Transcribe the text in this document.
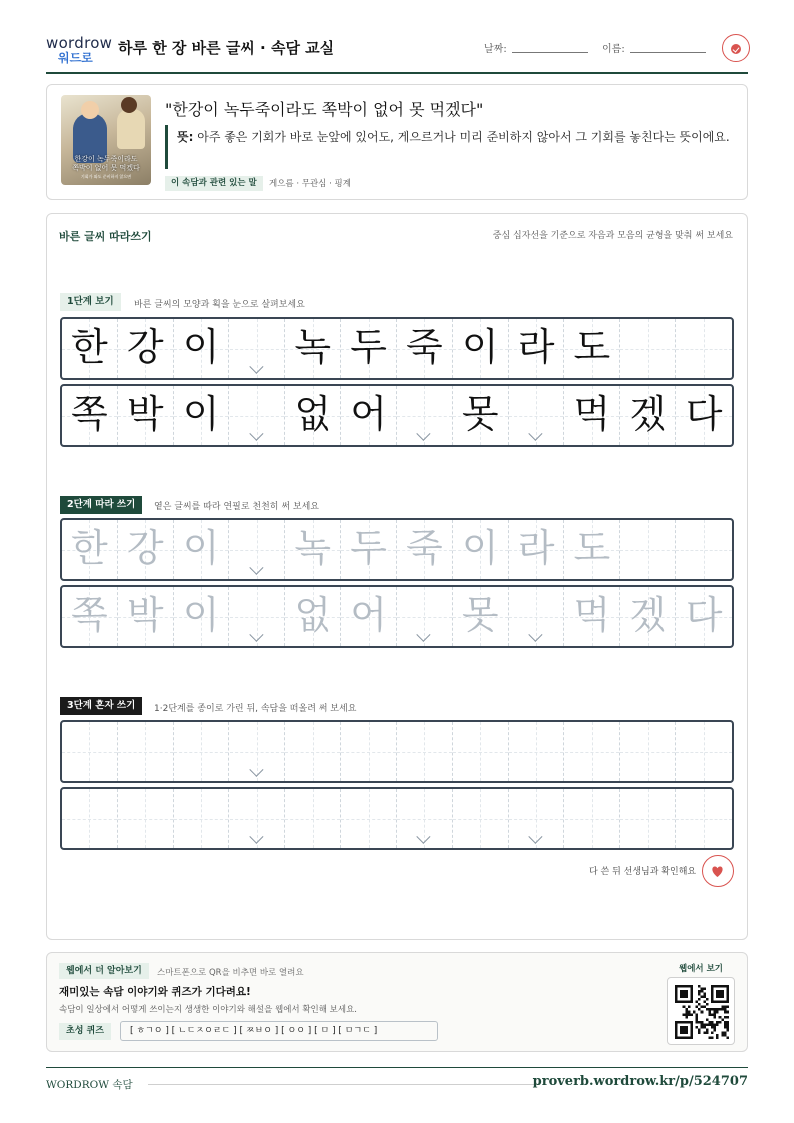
wordrow
워드로
하루 한 장 바른 글씨 · 속담 교실	날짜:	이름:
한강이 녹두죽이라도
쪽박이 없어 못 먹겠다
기회가 와도 준비하지 않으면
"한강이 녹두죽이라도 쪽박이 없어 못 먹겠다"
뜻: 아주 좋은 기회가 바로 눈앞에 있어도, 게으르거나 미리 준비하지 않아서 그 기회를 놓친다는 뜻이에요.
이 속담과 관련 있는 말	게으름 · 무관심 · 핑계
바른 글씨 따라쓰기	중심 십자선을 기준으로 자음과 모음의 균형을 맞춰 써 보세요
1단계 보기	바른 글씨의 모양과 획을 눈으로 살펴보세요
2단계 따라 쓰기	옅은 글씨를 따라 연필로 천천히 써 보세요
3단계 혼자 쓰기	1·2단계를 종이로 가린 뒤, 속담을 떠올려 써 보세요
한 강 이 녹 두 죽 이 라 도
쪽 박 이 없 어 못 먹 겠 다
한 강 이 녹 두 죽 이 라 도
쪽 박 이 없 어 못 먹 겠 다
다 쓴 뒤 선생님과 확인해요
웹에서 더 알아보기	스마트폰으로 QR을 비추면 바로 열려요
재미있는 속담 이야기와 퀴즈가 기다려요!
속담이 일상에서 어떻게 쓰이는지 생생한 이야기와 해설을 웹에서 확인해 보세요.
초성 퀴즈	[ ㅎㄱㅇ ] [ ㄴㄷㅈㅇㄹㄷ ] [ ㅉㅂㅇ ] [ ㅇㅇ ] [ ㅁ ] [ ㅁㄱㄷ ]
웹에서 보기
WORDROW 속담	proverb.wordrow.kr/p/524707
